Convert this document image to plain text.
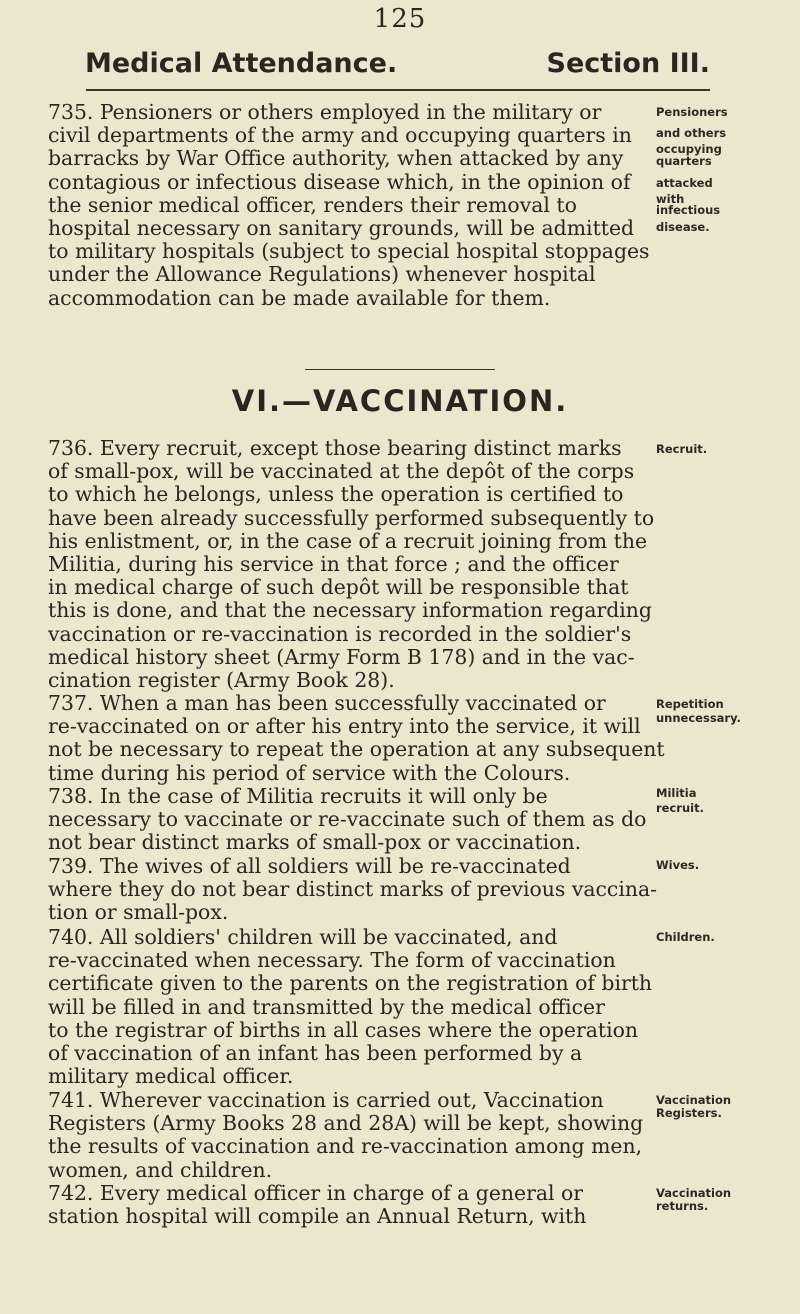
125
Medical Attendance.	Section III.
735. Pensioners or others employed in the military or	Pensioners
civil departments of the army and occupying quarters in and others
barracks by War Office authority, when attacked by any	occupying
quarters
contagious or infectious disease which, in the opinion of attacked
the senior medical officer, renders their removal to	with
infectious
hospital necessary on sanitary grounds, will be admitted disease.
to military hospitals (subject to special hospital stoppages
under the Allowance Regulations) whenever hospital
accommodation can be made available for them.
VI.—VACCINATION.
736. Every recruit, except those bearing distinct marks	Recruit.
of small-pox, will be vaccinated at the depôt of the corps
to which he belongs, unless the operation is certified to
have been already successfully performed subsequently to
his enlistment, or, in the case of a recruit joining from the
Militia, during his service in that force ; and the officer
in medical charge of such depôt will be responsible that
this is done, and that the necessary information regarding
vaccination or re-vaccination is recorded in the soldier's
medical history sheet (Army Form B 178) and in the vac-
cination register (Army Book 28).
737. When a man has been successfully vaccinated or	Repetition
re-vaccinated on or after his entry into the service, it will unnecessary.
not be necessary to repeat the operation at any subsequent
time during his period of service with the Colours.
738. In the case of Militia recruits it will only be	Militia
necessary to vaccinate or re-vaccinate such of them as do recruit.
not bear distinct marks of small-pox or vaccination.
739. The wives of all soldiers will be re-vaccinated	Wives.
where they do not bear distinct marks of previous vaccina-
tion or small-pox.
740. All soldiers' children will be vaccinated, and	Children.
re-vaccinated when necessary. The form of vaccination
certificate given to the parents on the registration of birth
will be filled in and transmitted by the medical officer
to the registrar of births in all cases where the operation
of vaccination of an infant has been performed by a
military medical officer.
741. Wherever vaccination is carried out, Vaccination	Vaccination
Registers (Army Books 28 and 28A) will be kept, showing Registers.
the results of vaccination and re-vaccination among men,
women, and children.
742. Every medical officer in charge of a general or	Vaccination
station hospital will compile an Annual Return, with	returns.
